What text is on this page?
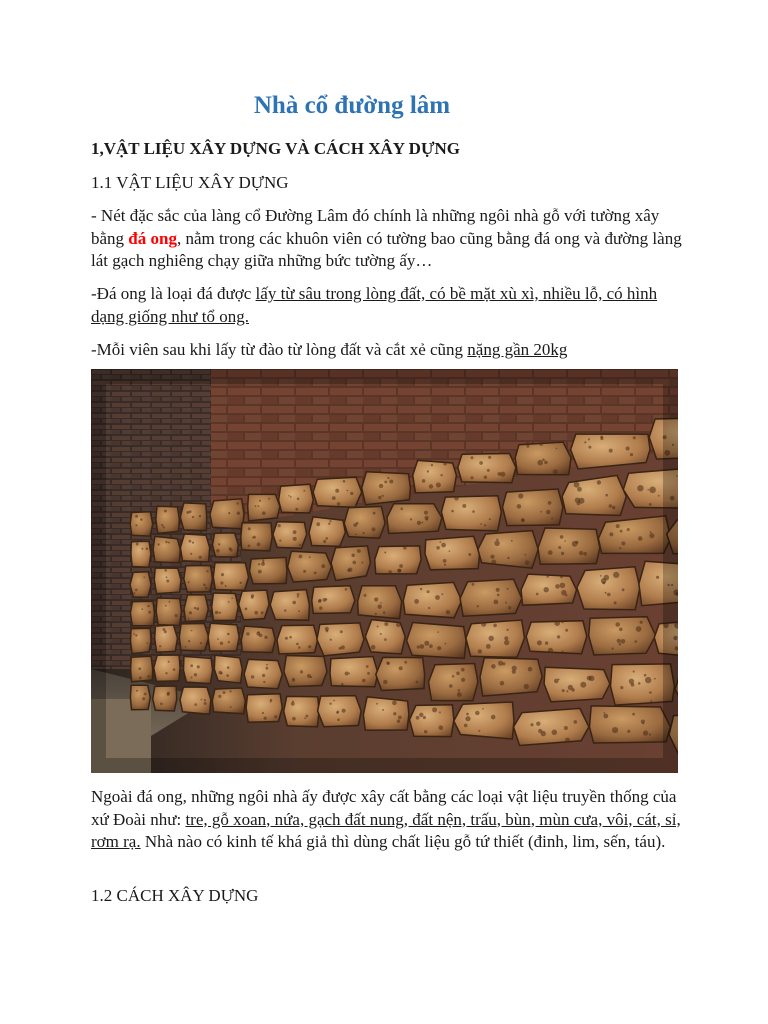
Nhà cổ đường lâm
1,VẬT LIỆU XÂY DỰNG VÀ CÁCH XÂY DỰNG
1.1 VẬT LIỆU XÂY DỰNG

- Nét đặc sắc của làng cổ Đường Lâm đó chính là những ngôi nhà gỗ với tường xây bằng đá ong, nằm trong các khuôn viên có tường bao cũng bằng đá ong và đường làng lát gạch nghiêng chạy giữa những bức tường ấy…

-Đá ong là loại đá được lấy từ sâu trong lòng đất, có bề mặt xù xì, nhiều lỗ, có hình dạng giống như tổ ong.

-Mỗi viên sau khi lấy từ đào từ lòng đất và cắt xẻ cũng nặng gần 20kg

Ngoài đá ong, những ngôi nhà ấy được xây cất bằng các loại vật liệu truyền thống của xứ Đoài như: tre, gỗ xoan, nứa, gạch đất nung, đất nện, trấu, bùn, mùn cưa, vôi, cát, sỉ, rơm rạ. Nhà nào có kinh tế khá giả thì dùng chất liệu gỗ tứ thiết (đinh, lim, sến, táu).

1.2 CÁCH XÂY DỰNG
